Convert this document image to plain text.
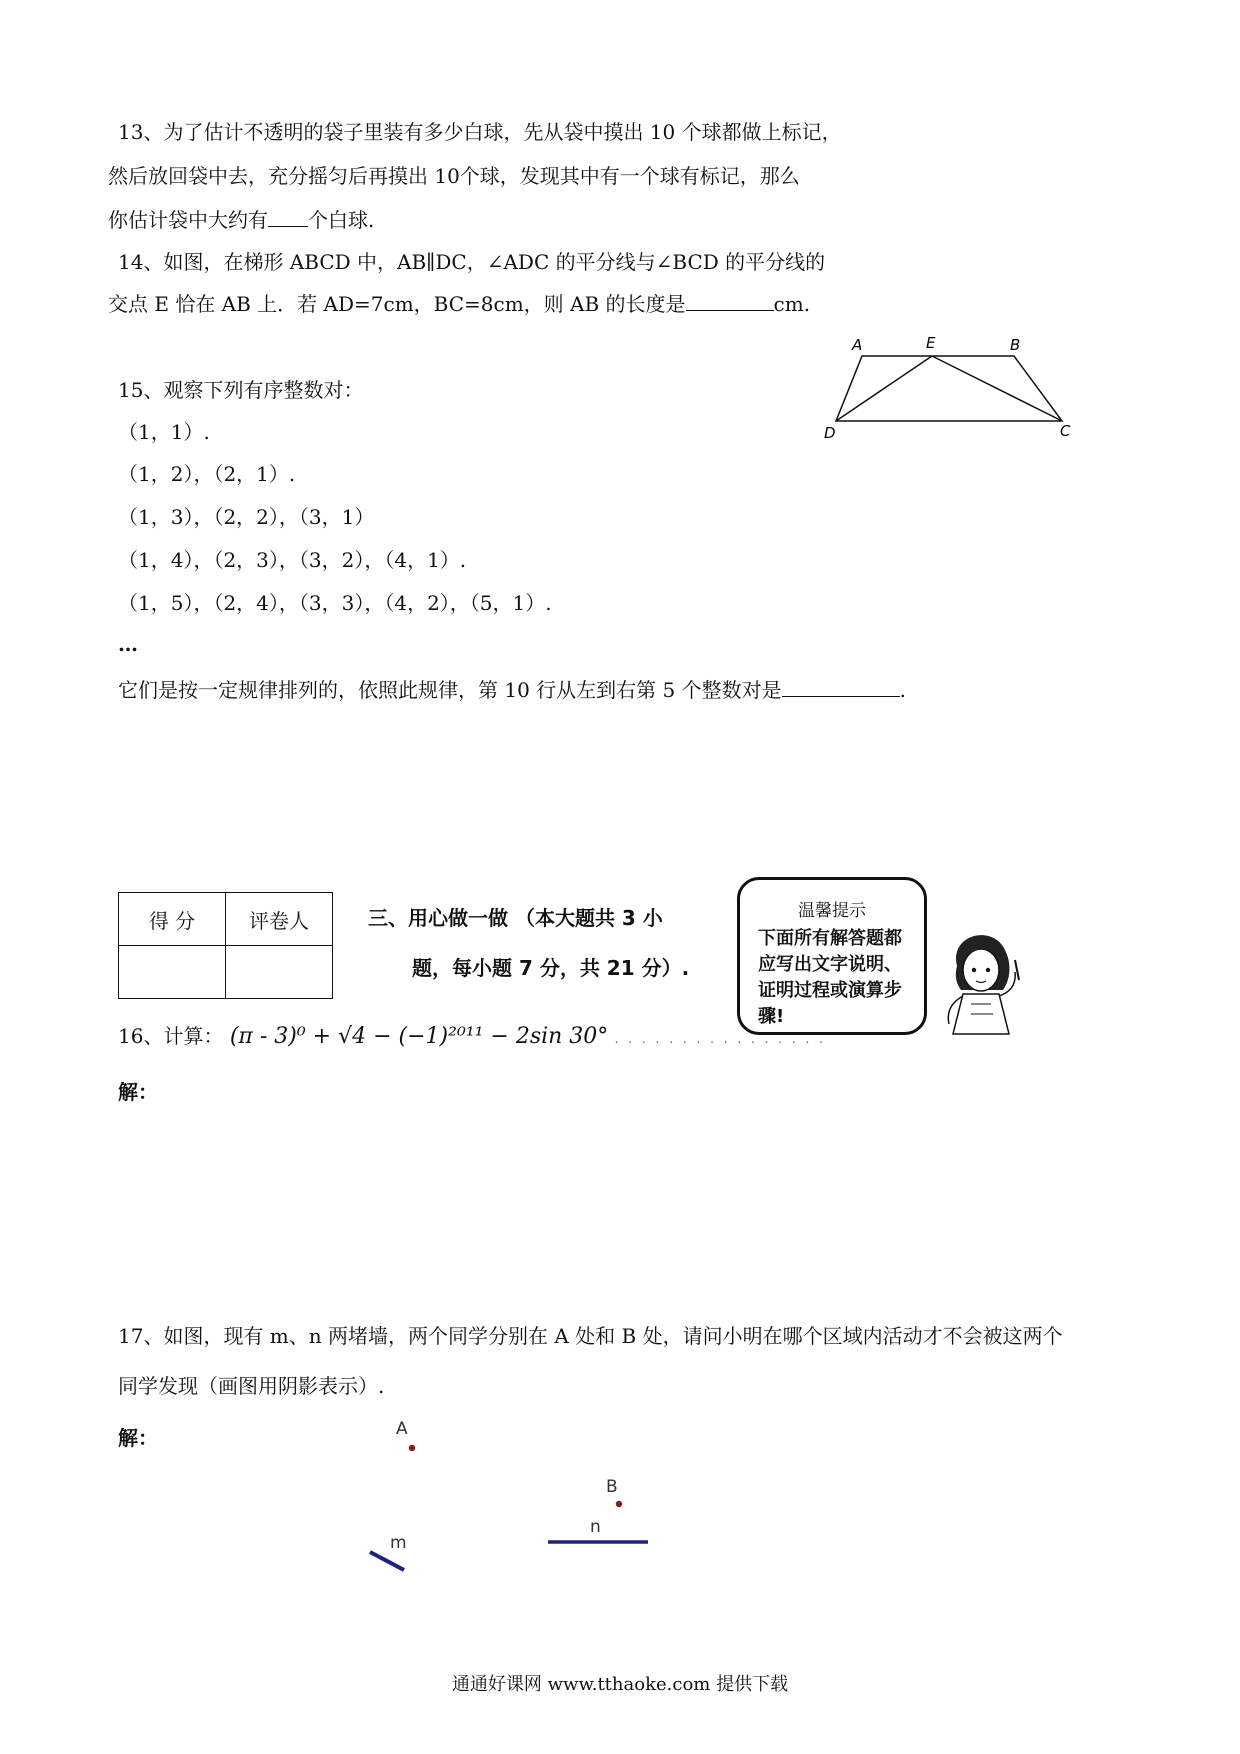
13、为了估计不透明的袋子里装有多少白球，先从袋中摸出 10 个球都做上标记，
然后放回袋中去，充分摇匀后再摸出 10个球，发现其中有一个球有标记，那么
你估计袋中大约有 个白球.
14、如图，在梯形 ABCD 中，AB∥DC，∠ADC 的平分线与∠BCD 的平分线的
交点 E 恰在 AB 上．若 AD=7cm，BC=8cm，则 AB 的长度是	cm.
A	E	B
D	C
15、观察下列有序整数对：
（1，1）.
（1，2），（2，1）.
（1，3），（2，2），（3，1）
（1，4），（2，3），（3，2），（4，1）.
（1，5），（2，4），（3，3），（4，2），（5，1）.
…
它们是按一定规律排列的，依照此规律，第 10 行从左到右第 5 个整数对是	.
得 分	评卷人
		三、用心做一做 （本大题共 3 小
题，每小题 7 分，共 21 分）.
温馨提示
下面所有解答题都应写出文字说明、证明过程或演算步骤!
16、计算： (π - 3)⁰ + √4 − (−1)²⁰¹¹ − 2sin 30° . . . . . . . . . . . . . . . .
解：
17、如图，现有 m、n 两堵墙，两个同学分别在 A 处和 B 处，请问小明在哪个区域内活动才不会被这两个
同学发现（画图用阴影表示）.
解：	A
B
n
m
通通好课网 www.tthaoke.com 提供下载
